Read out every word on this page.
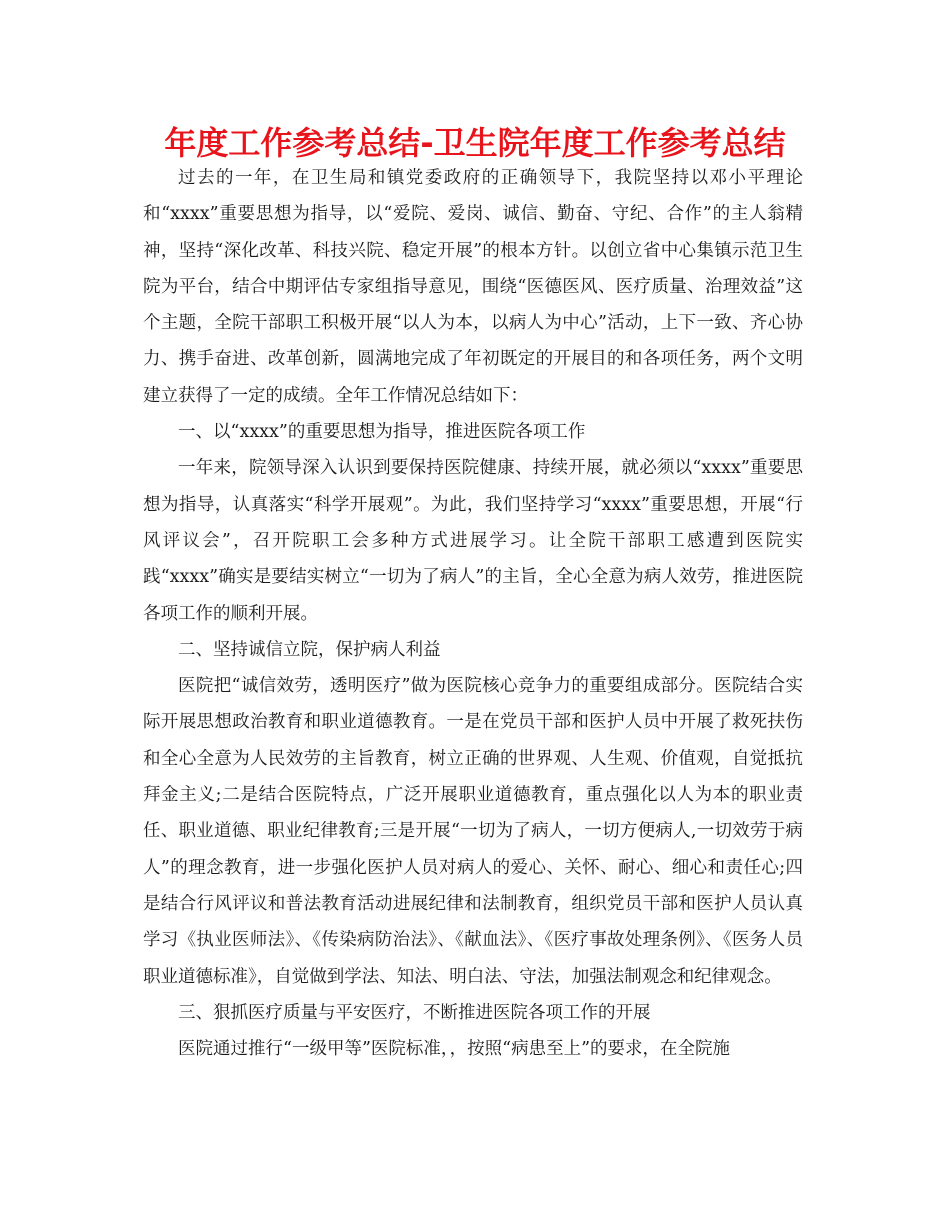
年度工作参考总结-卫生院年度工作参考总结

过去的一年，在卫生局和镇党委政府的正确领导下，我院坚持以邓小平理论和“xxxx”重要思想为指导，以“爱院、爱岗、诚信、勤奋、守纪、合作”的主人翁精神，坚持“深化改革、科技兴院、稳定开展”的根本方针。以创立省中心集镇示范卫生院为平台，结合中期评估专家组指导意见，围绕“医德医风、医疗质量、治理效益”这个主题，全院干部职工积极开展“以人为本，以病人为中心”活动，上下一致、齐心协力、携手奋进、改革创新，圆满地完成了年初既定的开展目的和各项任务，两个文明建立获得了一定的成绩。全年工作情况总结如下：

一、以“xxxx”的重要思想为指导，推进医院各项工作

一年来，院领导深入认识到要保持医院健康、持续开展，就必须以“xxxx”重要思想为指导，认真落实“科学开展观”。为此，我们坚持学习“xxxx”重要思想，开展“行风评议会”，召开院职工会多种方式进展学习。让全院干部职工感遭到医院实践“xxxx”确实是要结实树立“一切为了病人”的主旨，全心全意为病人效劳，推进医院各项工作的顺利开展。

二、坚持诚信立院，保护病人利益

医院把“诚信效劳，透明医疗”做为医院核心竞争力的重要组成部分。医院结合实际开展思想政治教育和职业道德教育。一是在党员干部和医护人员中开展了救死扶伤和全心全意为人民效劳的主旨教育，树立正确的世界观、人生观、价值观，自觉抵抗拜金主义;二是结合医院特点，广泛开展职业道德教育，重点强化以人为本的职业责任、职业道德、职业纪律教育;三是开展“一切为了病人，一切方便病人,一切效劳于病人”的理念教育，进一步强化医护人员对病人的爱心、关怀、耐心、细心和责任心;四是结合行风评议和普法教育活动进展纪律和法制教育，组织党员干部和医护人员认真学习《执业医师法》、《传染病防治法》、《献血法》、《医疗事故处理条例》、《医务人员职业道德标准》，自觉做到学法、知法、明白法、守法，加强法制观念和纪律观念。

三、狠抓医疗质量与平安医疗，不断推进医院各项工作的开展

医院通过推行“一级甲等”医院标准，，按照“病患至上”的要求，在全院施
